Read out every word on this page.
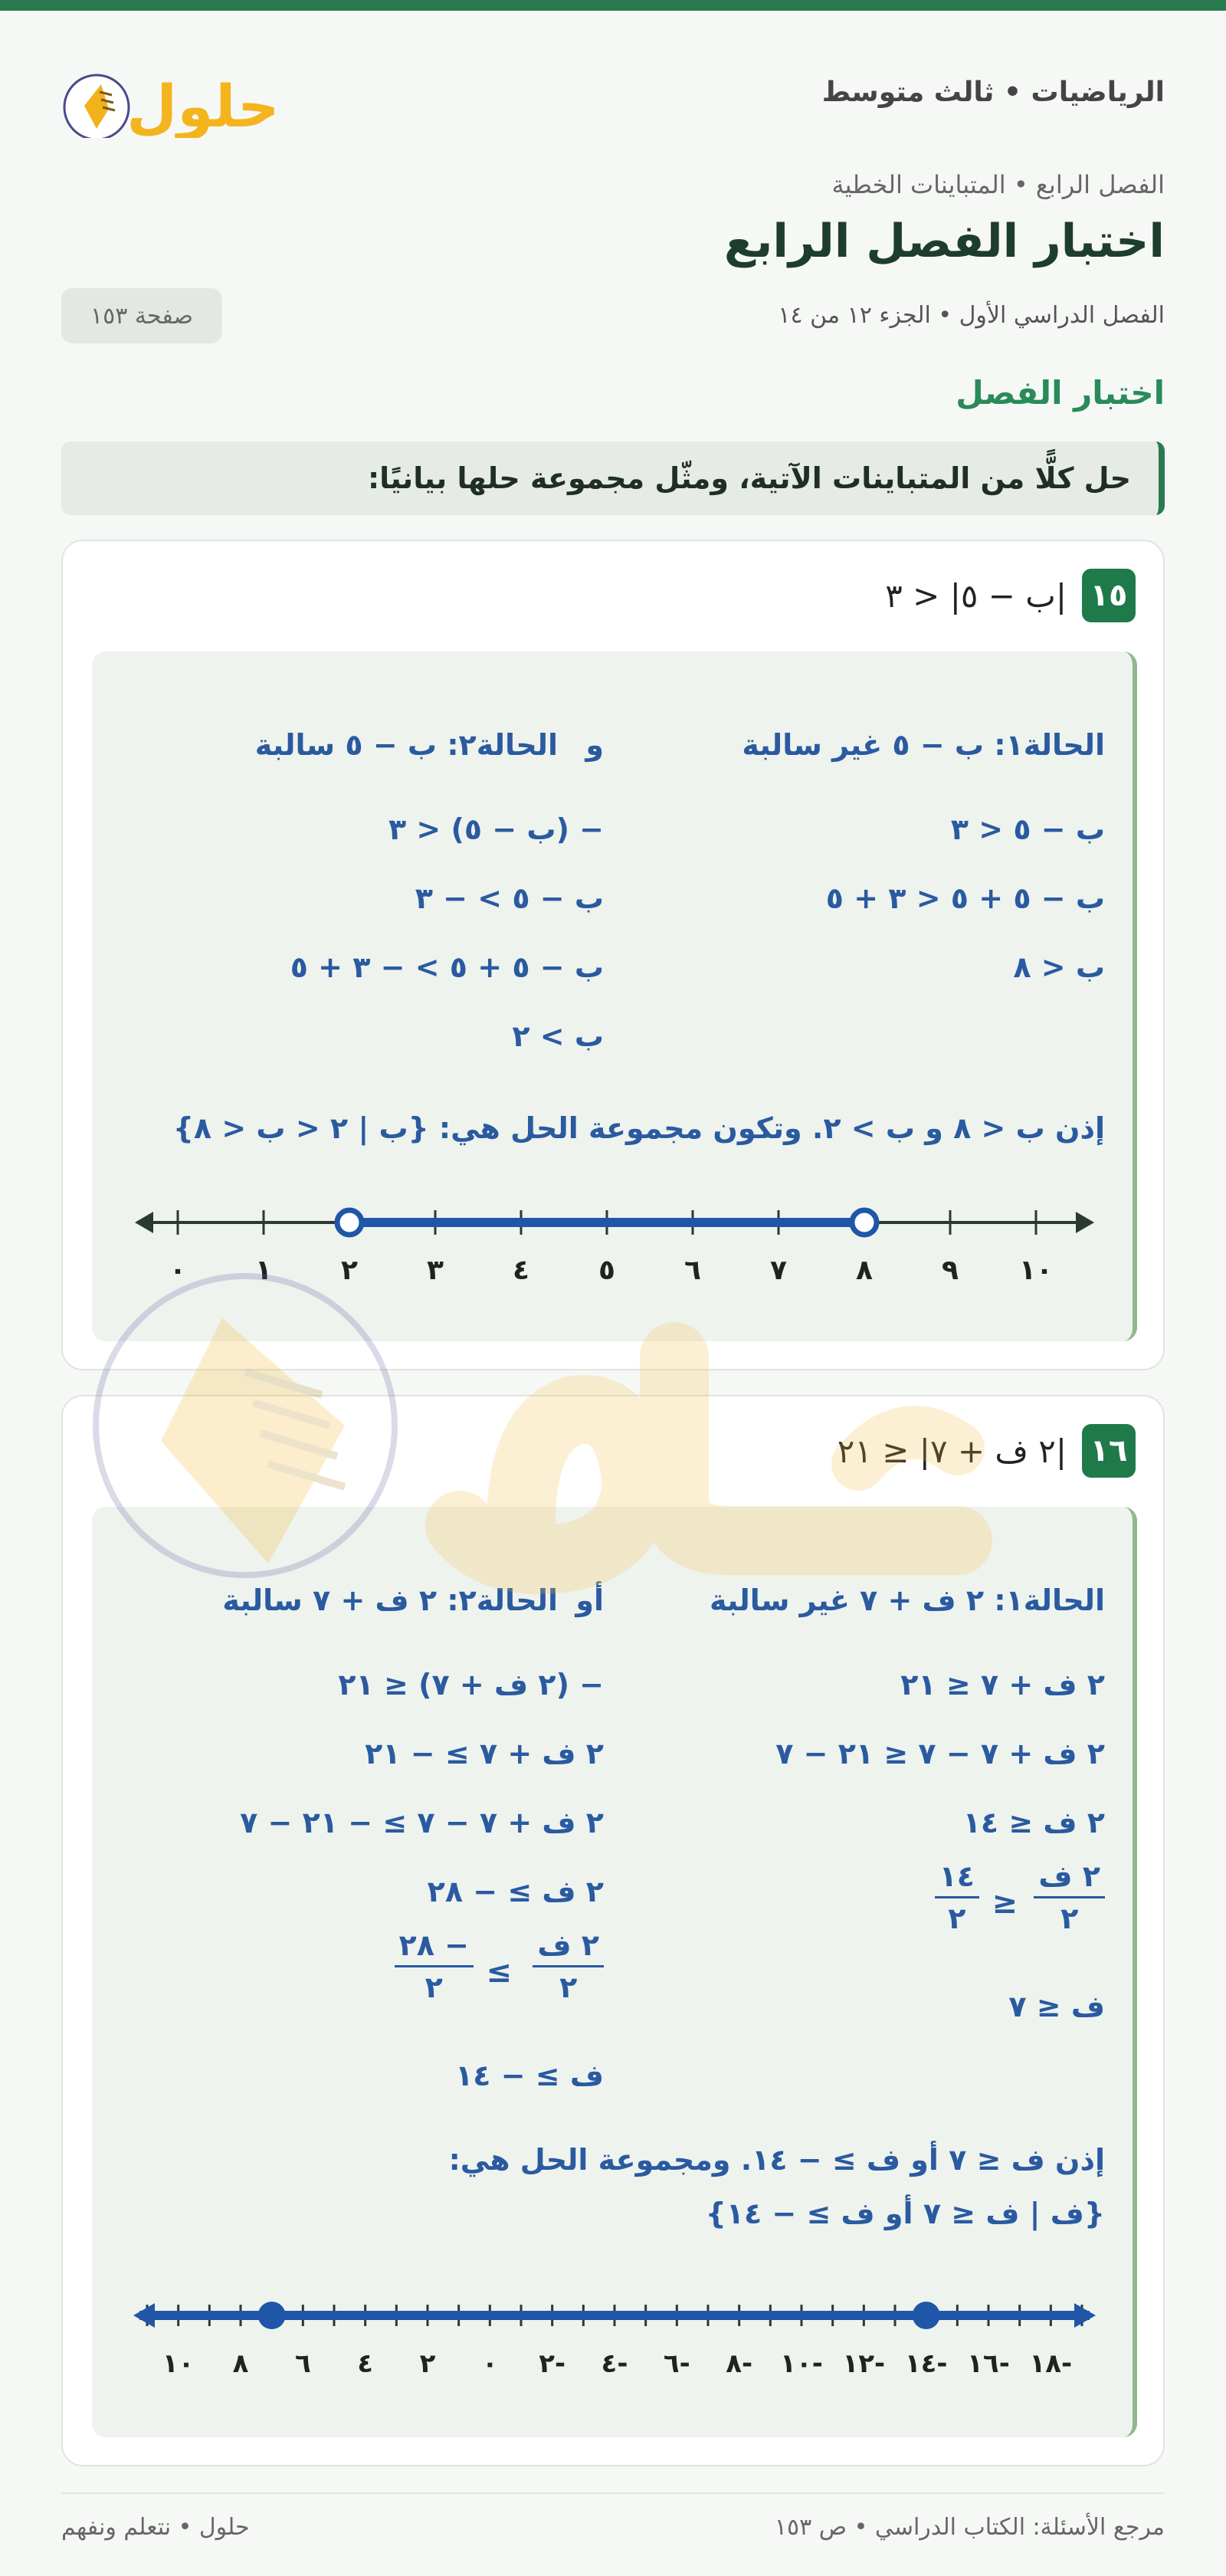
الرياضيات • ثالث متوسط
حلول
الفصل الرابع • المتباينات الخطية
اختبار الفصل الرابع
الفصل الدراسي الأول • الجزء ١٢ من ١٤
صفحة ١٥٣
اختبار الفصل
حل كلًّا من المتباينات الآتية، ومثّل مجموعة حلها بيانيًا:
١٥
|ب − ٥| < ٣
الحالة١: ب − ٥ غير سالبة
و
الحالة٢: ب − ٥ سالبة
ب − ٥ < ٣
ب − ٥ + ٥ < ٣ + ٥
ب < ٨
− (ب − ٥) < ٣
ب − ٥ > − ٣
ب − ٥ + ٥ > − ٣ + ٥
ب > ٢
إذن ب < ٨ و ب > ٢. وتكون مجموعة الحل هي: {ب | ٢ < ب < ٨}
٠	١	٢	٣	٤	٥	٦	٧	٨	٩ ١٠
١٦
|٢ ف + ٧| ≤ ٢١
الحالة١: ٢ ف + ٧ غير سالبة
أو
الحالة٢: ٢ ف + ٧ سالبة
٢ ف + ٧ ≤ ٢١
٢ ف + ٧ − ٧ ≤ ٢١ − ٧
٢ ف ≤ ١٤
٢ ف
٢
≤
١٤
٢
ف ≤ ٧
− (٢ ف + ٧) ≤ ٢١
٢ ف + ٧ ≥ − ٢١
٢ ف + ٧ − ٧ ≥ − ٢١ − ٧
٢ ف ≥ − ٢٨
٢ ف
٢
≥
− ٢٨
٢
ف ≥ − ١٤
إذن ف ≤ ٧ أو ف ≥ − ١٤. ومجموعة الحل هي:
{ف | ف ≤ ٧ أو ف ≥ − ١٤}
-١٨
-١٦
-١٤
-١٢
-١٠
-٨
-٦
-٤
-٢
٠
٢
٤
٦
٨
١٠
مرجع الأسئلة: الكتاب الدراسي • ص ١٥٣
حلول • نتعلم ونفهم
